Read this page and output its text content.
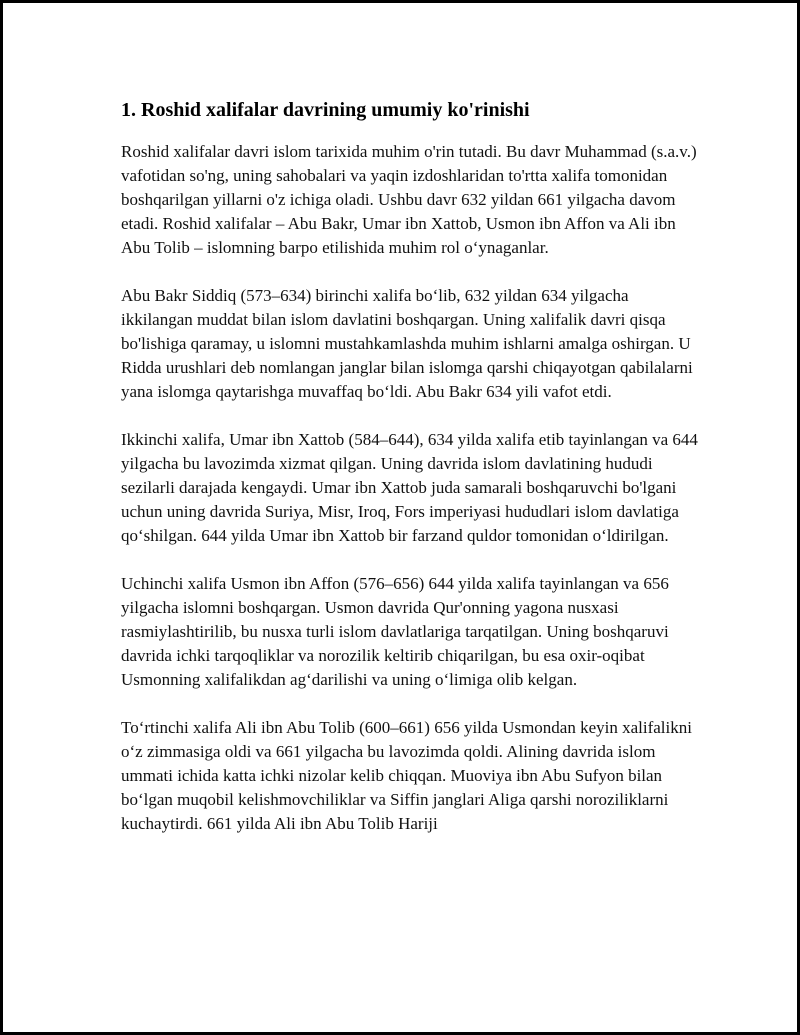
1. Roshid xalifalar davrining umumiy ko'rinishi

Roshid xalifalar davri islom tarixida muhim o'rin tutadi. Bu davr Muhammad (s.a.v.) vafotidan so'ng, uning sahobalari va yaqin izdoshlaridan to'rtta xalifa tomonidan boshqarilgan yillarni o'z ichiga oladi. Ushbu davr 632 yildan 661 yilgacha davom etadi. Roshid xalifalar – Abu Bakr, Umar ibn Xattob, Usmon ibn Affon va Ali ibn Abu Tolib – islomning barpo etilishida muhim rol o‘ynaganlar.

Abu Bakr Siddiq (573–634) birinchi xalifa bo‘lib, 632 yildan 634 yilgacha ikkilangan muddat bilan islom davlatini boshqargan. Uning xalifalik davri qisqa bo'lishiga qaramay, u islomni mustahkamlashda muhim ishlarni amalga oshirgan. U Ridda urushlari deb nomlangan janglar bilan islomga qarshi chiqayotgan qabilalarni yana islomga qaytarishga muvaffaq bo‘ldi. Abu Bakr 634 yili vafot etdi.

Ikkinchi xalifa, Umar ibn Xattob (584–644), 634 yilda xalifa etib tayinlangan va 644 yilgacha bu lavozimda xizmat qilgan. Uning davrida islom davlatining hududi sezilarli darajada kengaydi. Umar ibn Xattob juda samarali boshqaruvchi bo'lgani uchun uning davrida Suriya, Misr, Iroq, Fors imperiyasi hududlari islom davlatiga qo‘shilgan. 644 yilda Umar ibn Xattob bir farzand quldor tomonidan o‘ldirilgan.

Uchinchi xalifa Usmon ibn Affon (576–656) 644 yilda xalifa tayinlangan va 656 yilgacha islomni boshqargan. Usmon davrida Qur'onning yagona nusxasi rasmiylashtirilib, bu nusxa turli islom davlatlariga tarqatilgan. Uning boshqaruvi davrida ichki tarqoqliklar va norozilik keltirib chiqarilgan, bu esa oxir-oqibat Usmonning xalifalikdan ag‘darilishi va uning o‘limiga olib kelgan.

To‘rtinchi xalifa Ali ibn Abu Tolib (600–661) 656 yilda Usmondan keyin xalifalikni o‘z zimmasiga oldi va 661 yilgacha bu lavozimda qoldi. Alining davrida islom ummati ichida katta ichki nizolar kelib chiqqan. Muoviya ibn Abu Sufyon bilan bo‘lgan muqobil kelishmovchiliklar va Siffin janglari Aliga qarshi noroziliklarni kuchaytirdi. 661 yilda Ali ibn Abu Tolib Hariji
